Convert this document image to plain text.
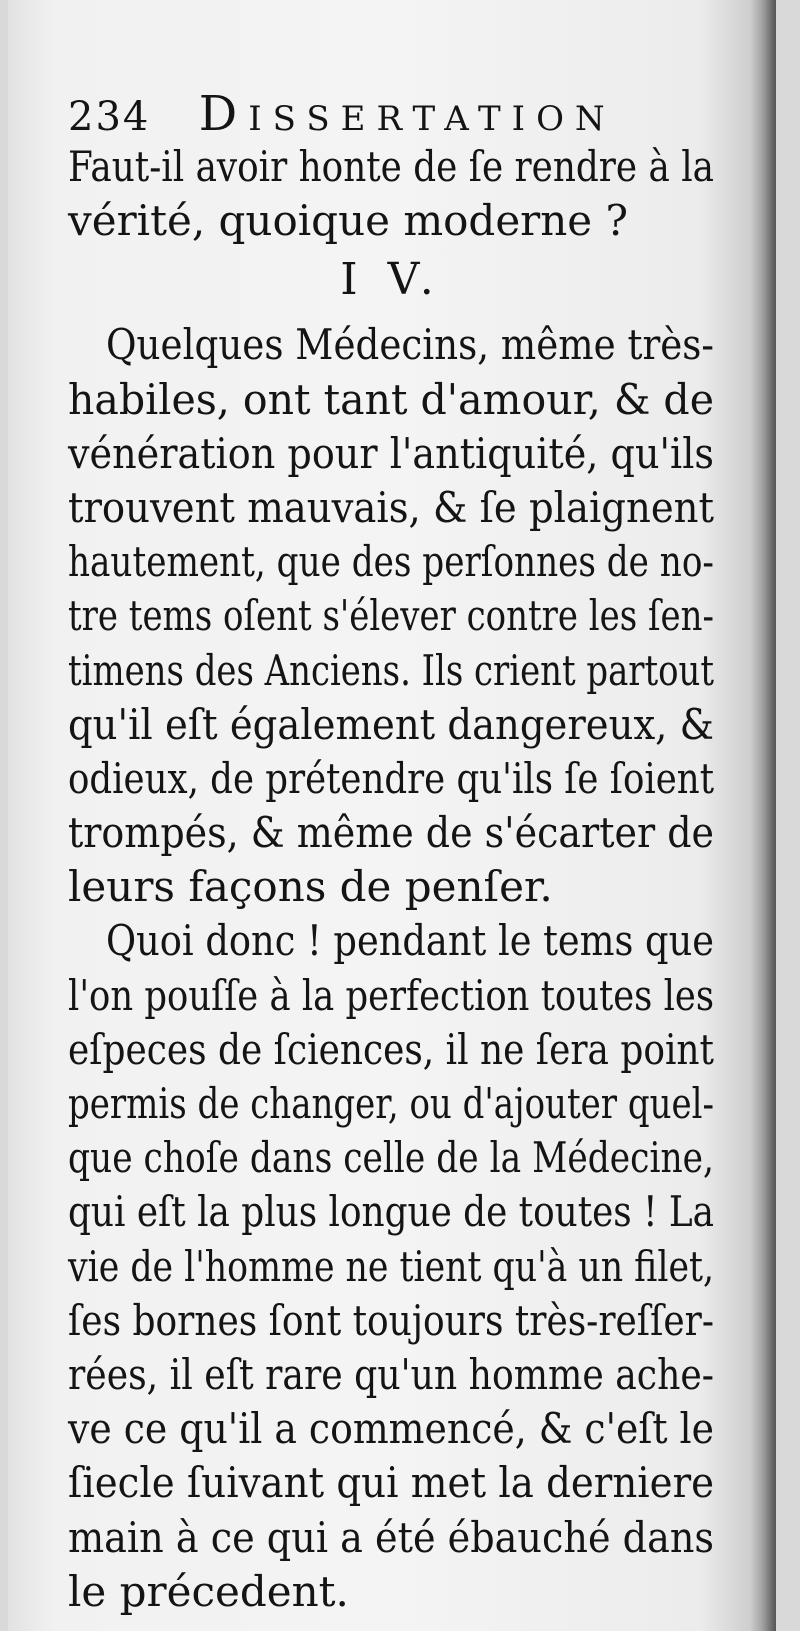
234 DISSERTATION
Faut-il avoir honte de ſe rendre à la
vérité, quoique moderne ?
I V.
Quelques Médecins, même très-
habiles, ont tant d'amour, & de
vénération pour l'antiquité, qu'ils
trouvent mauvais, & ſe plaignent
hautement, que des perſonnes de no-
tre tems oſent s'élever contre les ſen-
timens des Anciens. Ils crient partout
qu'il eſt également dangereux, &
odieux, de prétendre qu'ils ſe ſoient
trompés, & même de s'écarter de
leurs façons de penſer.
Quoi donc ! pendant le tems que
l'on pouſſe à la perfection toutes les
eſpeces de ſciences, il ne ſera point
permis de changer, ou d'ajouter quel-
que choſe dans celle de la Médecine,
qui eſt la plus longue de toutes ! La
vie de l'homme ne tient qu'à un filet,
ſes bornes ſont toujours très-reſſer-
rées, il eſt rare qu'un homme ache-
ve ce qu'il a commencé, & c'eſt le
ſiecle ſuivant qui met la derniere
main à ce qui a été ébauché dans
le précedent.
